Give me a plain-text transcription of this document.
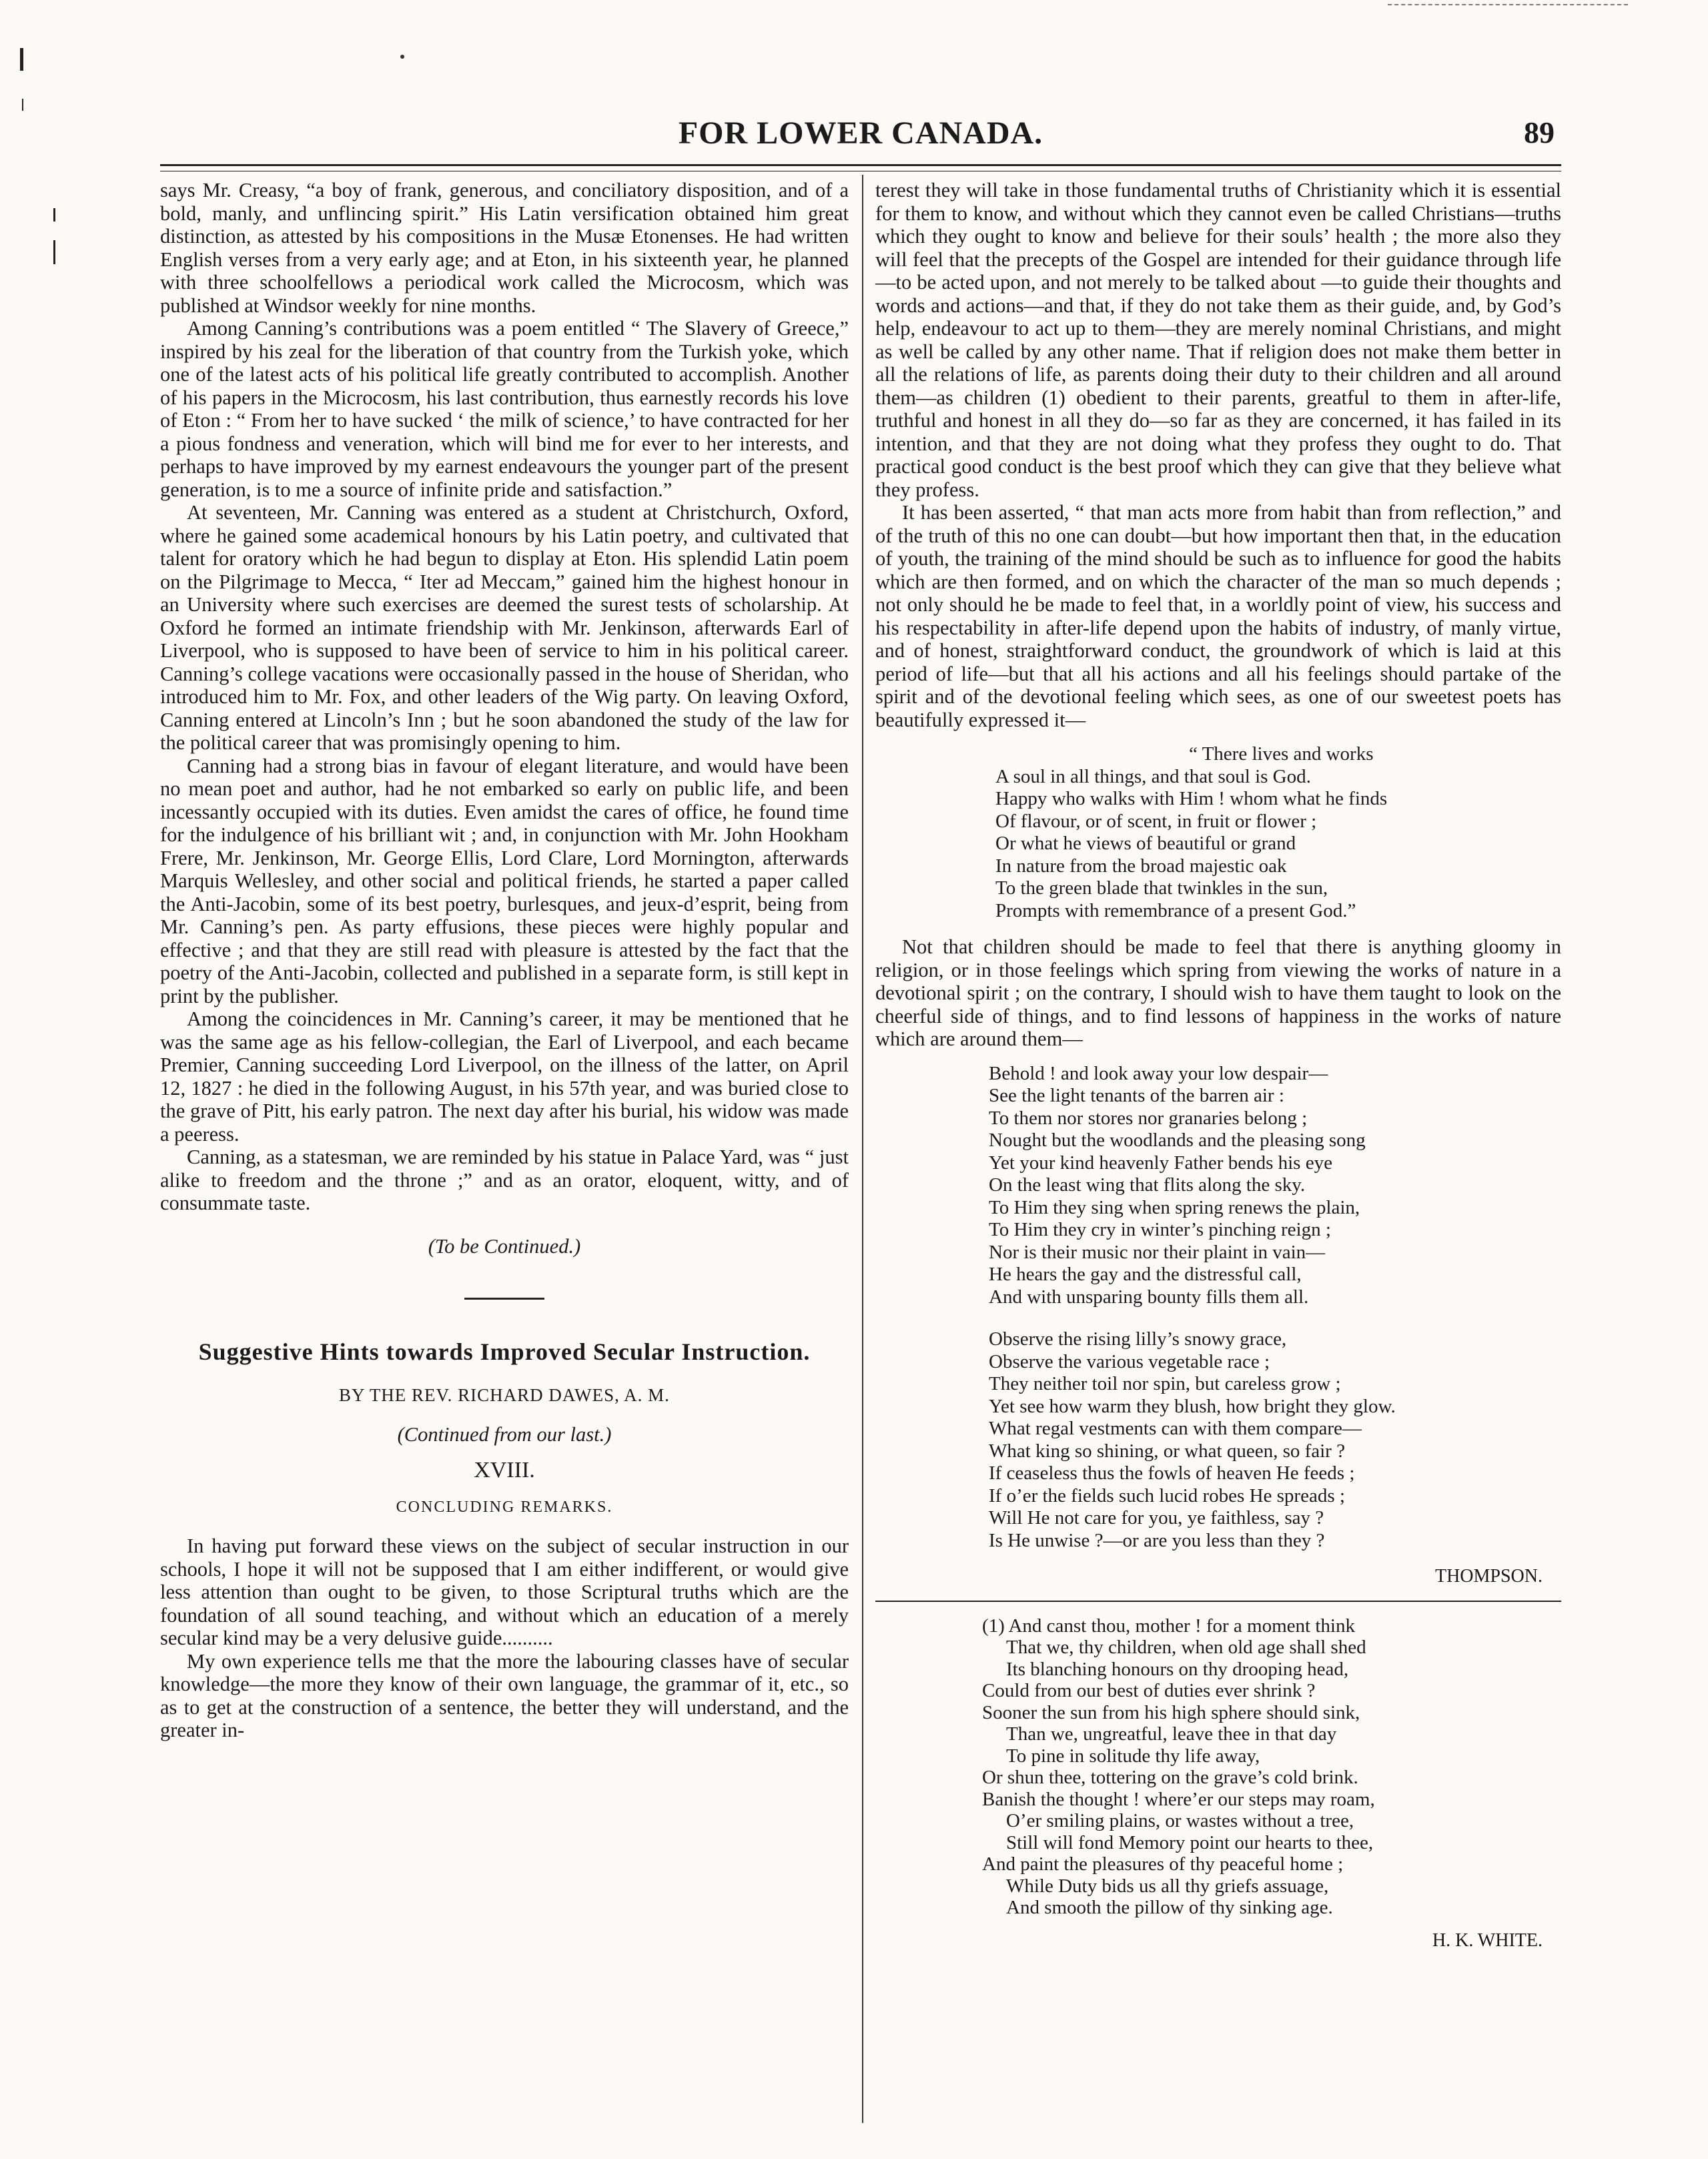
FOR LOWER CANADA.	89

says Mr. Creasy, “a boy of frank, generous, and conciliatory disposition, and of a bold, manly, and unflincing spirit.” His Latin versification obtained him great distinction, as attested by his compositions in the Musæ Etonenses. He had written English verses from a very early age; and at Eton, in his sixteenth year, he planned with three schoolfellows a periodical work called the Microcosm, which was published at Windsor weekly for nine months.

Among Canning’s contributions was a poem entitled “ The Slavery of Greece,” inspired by his zeal for the liberation of that country from the Turkish yoke, which one of the latest acts of his political life greatly contributed to accomplish. Another of his papers in the Microcosm, his last contribution, thus earnestly records his love of Eton : “ From her to have sucked ‘ the milk of science,’ to have contracted for her a pious fondness and veneration, which will bind me for ever to her interests, and perhaps to have improved by my earnest endeavours the younger part of the present generation, is to me a source of infinite pride and satisfaction.”

At seventeen, Mr. Canning was entered as a student at Christchurch, Oxford, where he gained some academical honours by his Latin poetry, and cultivated that talent for oratory which he had begun to display at Eton. His splendid Latin poem on the Pilgrimage to Mecca, “ Iter ad Meccam,” gained him the highest honour in an University where such exercises are deemed the surest tests of scholarship. At Oxford he formed an intimate friendship with Mr. Jenkinson, afterwards Earl of Liverpool, who is supposed to have been of service to him in his political career. Canning’s college vacations were occasionally passed in the house of Sheridan, who introduced him to Mr. Fox, and other leaders of the Wig party. On leaving Oxford, Canning entered at Lincoln’s Inn ; but he soon abandoned the study of the law for the political career that was promisingly opening to him.

Canning had a strong bias in favour of elegant literature, and would have been no mean poet and author, had he not embarked so early on public life, and been incessantly occupied with its duties. Even amidst the cares of office, he found time for the indulgence of his brilliant wit ; and, in conjunction with Mr. John Hookham Frere, Mr. Jenkinson, Mr. George Ellis, Lord Clare, Lord Mornington, afterwards Marquis Wellesley, and other social and political friends, he started a paper called the Anti-Jacobin, some of its best poetry, burlesques, and jeux-d’esprit, being from Mr. Canning’s pen. As party effusions, these pieces were highly popular and effective ; and that they are still read with pleasure is attested by the fact that the poetry of the Anti-Jacobin, collected and published in a separate form, is still kept in print by the publisher.

Among the coincidences in Mr. Canning’s career, it may be mentioned that he was the same age as his fellow-collegian, the Earl of Liverpool, and each became Premier, Canning succeeding Lord Liverpool, on the illness of the latter, on April 12, 1827 : he died in the following August, in his 57th year, and was buried close to the grave of Pitt, his early patron. The next day after his burial, his widow was made a peeress.

Canning, as a statesman, we are reminded by his statue in Palace Yard, was “ just alike to freedom and the throne ;” and as an orator, eloquent, witty, and of consummate taste.

(To be Continued.)
Suggestive Hints towards Improved Secular Instruction.
BY THE REV. RICHARD DAWES, A. M.
(Continued from our last.)
XVIII.
CONCLUDING REMARKS.

In having put forward these views on the subject of secular instruction in our schools, I hope it will not be supposed that I am either indifferent, or would give less attention than ought to be given, to those Scriptural truths which are the foundation of all sound teaching, and without which an education of a merely secular kind may be a very delusive guide..........

My own experience tells me that the more the labouring classes have of secular knowledge—the more they know of their own language, the grammar of it, etc., so as to get at the construction of a sentence, the better they will understand, and the greater in-

terest they will take in those fundamental truths of Christianity which it is essential for them to know, and without which they cannot even be called Christians—truths which they ought to know and believe for their souls’ health ; the more also they will feel that the precepts of the Gospel are intended for their guidance through life—to be acted upon, and not merely to be talked about —to guide their thoughts and words and actions—and that, if they do not take them as their guide, and, by God’s help, endeavour to act up to them—they are merely nominal Christians, and might as well be called by any other name. That if religion does not make them better in all the relations of life, as parents doing their duty to their children and all around them—as children (1) obedient to their parents, greatful to them in after-life, truthful and honest in all they do—so far as they are concerned, it has failed in its intention, and that they are not doing what they profess they ought to do. That practical good conduct is the best proof which they can give that they believe what they profess.

It has been asserted, “ that man acts more from habit than from reflection,” and of the truth of this no one can doubt—but how important then that, in the education of youth, the training of the mind should be such as to influence for good the habits which are then formed, and on which the character of the man so much depends ; not only should he be made to feel that, in a worldly point of view, his success and his respectability in after-life depend upon the habits of industry, of manly virtue, and of honest, straightforward conduct, the groundwork of which is laid at this period of life—but that all his actions and all his feelings should partake of the spirit and of the devotional feeling which sees, as one of our sweetest poets has beautifully expressed it—

“ There lives and works
A soul in all things, and that soul is God.
Happy who walks with Him ! whom what he finds
Of flavour, or of scent, in fruit or flower ;
Or what he views of beautiful or grand
In nature from the broad majestic oak
To the green blade that twinkles in the sun,
Prompts with remembrance of a present God.”

Not that children should be made to feel that there is anything gloomy in religion, or in those feelings which spring from viewing the works of nature in a devotional spirit ; on the contrary, I should wish to have them taught to look on the cheerful side of things, and to find lessons of happiness in the works of nature which are around them—

Behold ! and look away your low despair—
See the light tenants of the barren air :
To them nor stores nor granaries belong ;
Nought but the woodlands and the pleasing song
Yet your kind heavenly Father bends his eye
On the least wing that flits along the sky.
To Him they sing when spring renews the plain,
To Him they cry in winter’s pinching reign ;
Nor is their music nor their plaint in vain—
He hears the gay and the distressful call,
And with unsparing bounty fills them all.
Observe the rising lilly’s snowy grace,
Observe the various vegetable race ;
They neither toil nor spin, but careless grow ;
Yet see how warm they blush, how bright they glow.
What regal vestments can with them compare—
What king so shining, or what queen, so fair ?
If ceaseless thus the fowls of heaven He feeds ;
If o’er the fields such lucid robes He spreads ;
Will He not care for you, ye faithless, say ?
Is He unwise ?—or are you less than they ?
THOMPSON.
(1) And canst thou, mother ! for a moment think
That we, thy children, when old age shall shed
Its blanching honours on thy drooping head,
Could from our best of duties ever shrink ?
Sooner the sun from his high sphere should sink,
Than we, ungreatful, leave thee in that day
To pine in solitude thy life away,
Or shun thee, tottering on the grave’s cold brink.
Banish the thought ! where’er our steps may roam,
O’er smiling plains, or wastes without a tree,
Still will fond Memory point our hearts to thee,
And paint the pleasures of thy peaceful home ;
While Duty bids us all thy griefs assuage,
And smooth the pillow of thy sinking age.
H. K. WHITE.
